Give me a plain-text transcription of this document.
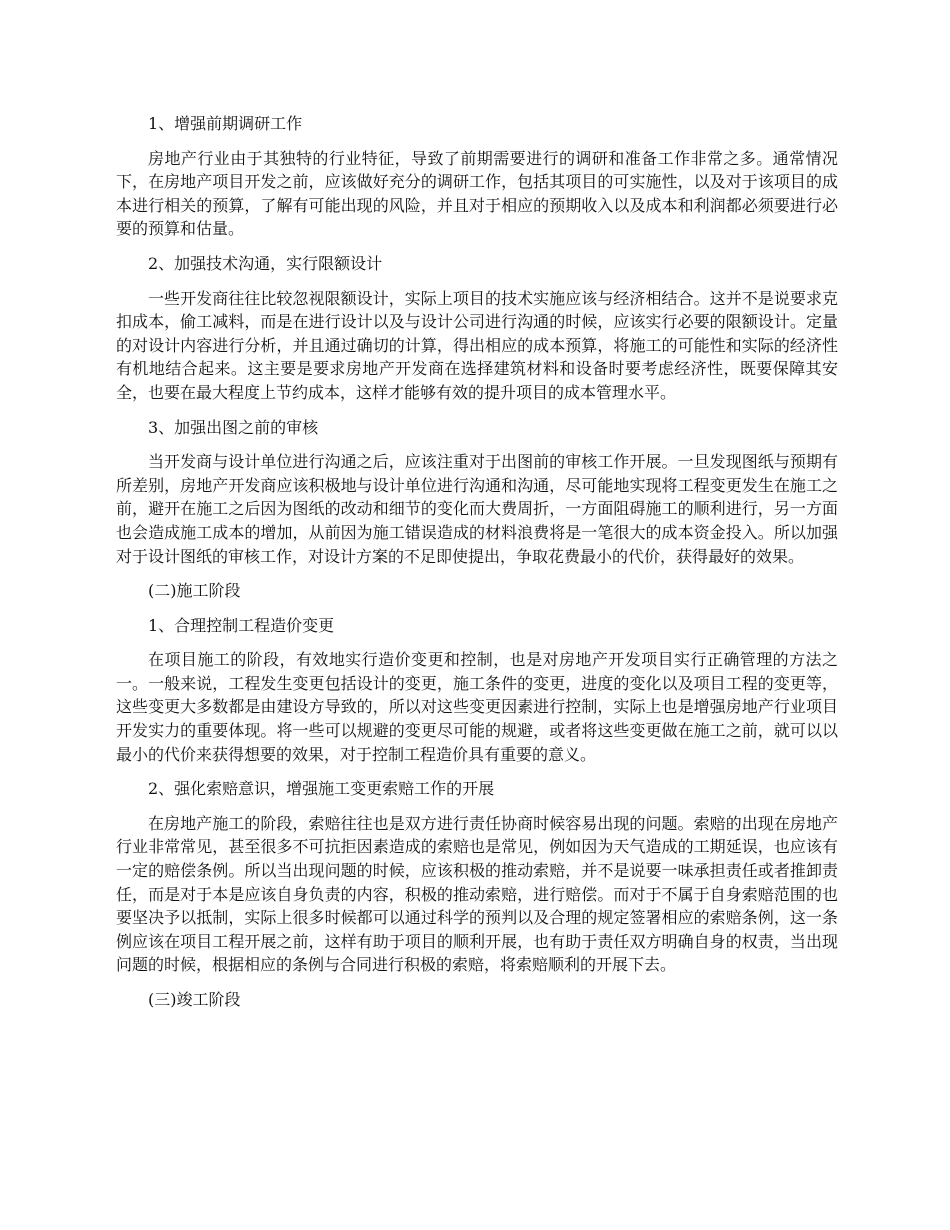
1、增强前期调研工作
房地产行业由于其独特的行业特征，导致了前期需要进行的调研和准备工作非常之多。通常情况下，在房地产项目开发之前，应该做好充分的调研工作，包括其项目的可实施性，以及对于该项目的成本进行相关的预算，了解有可能出现的风险，并且对于相应的预期收入以及成本和利润都必须要进行必要的预算和估量。
2、加强技术沟通，实行限额设计
一些开发商往往比较忽视限额设计，实际上项目的技术实施应该与经济相结合。这并不是说要求克扣成本，偷工减料，而是在进行设计以及与设计公司进行沟通的时候，应该实行必要的限额设计。定量的对设计内容进行分析，并且通过确切的计算，得出相应的成本预算，将施工的可能性和实际的经济性有机地结合起来。这主要是要求房地产开发商在选择建筑材料和设备时要考虑经济性，既要保障其安全，也要在最大程度上节约成本，这样才能够有效的提升项目的成本管理水平。
3、加强出图之前的审核
当开发商与设计单位进行沟通之后，应该注重对于出图前的审核工作开展。一旦发现图纸与预期有所差别，房地产开发商应该积极地与设计单位进行沟通和沟通，尽可能地实现将工程变更发生在施工之前，避开在施工之后因为图纸的改动和细节的变化而大费周折，一方面阻碍施工的顺利进行，另一方面也会造成施工成本的增加，从前因为施工错误造成的材料浪费将是一笔很大的成本资金投入。所以加强对于设计图纸的审核工作，对设计方案的不足即使提出，争取花费最小的代价，获得最好的效果。
(二)施工阶段
1、合理控制工程造价变更
在项目施工的阶段，有效地实行造价变更和控制，也是对房地产开发项目实行正确管理的方法之一。一般来说，工程发生变更包括设计的变更，施工条件的变更，进度的变化以及项目工程的变更等，这些变更大多数都是由建设方导致的，所以对这些变更因素进行控制，实际上也是增强房地产行业项目开发实力的重要体现。将一些可以规避的变更尽可能的规避，或者将这些变更做在施工之前，就可以以最小的代价来获得想要的效果，对于控制工程造价具有重要的意义。
2、强化索赔意识，增强施工变更索赔工作的开展
在房地产施工的阶段，索赔往往也是双方进行责任协商时候容易出现的问题。索赔的出现在房地产行业非常常见，甚至很多不可抗拒因素造成的索赔也是常见，例如因为天气造成的工期延误，也应该有一定的赔偿条例。所以当出现问题的时候，应该积极的推动索赔，并不是说要一味承担责任或者推卸责任，而是对于本是应该自身负责的内容，积极的推动索赔，进行赔偿。而对于不属于自身索赔范围的也要坚决予以抵制，实际上很多时候都可以通过科学的预判以及合理的规定签署相应的索赔条例，这一条例应该在项目工程开展之前，这样有助于项目的顺利开展，也有助于责任双方明确自身的权责，当出现问题的时候，根据相应的条例与合同进行积极的索赔，将索赔顺利的开展下去。
(三)竣工阶段
